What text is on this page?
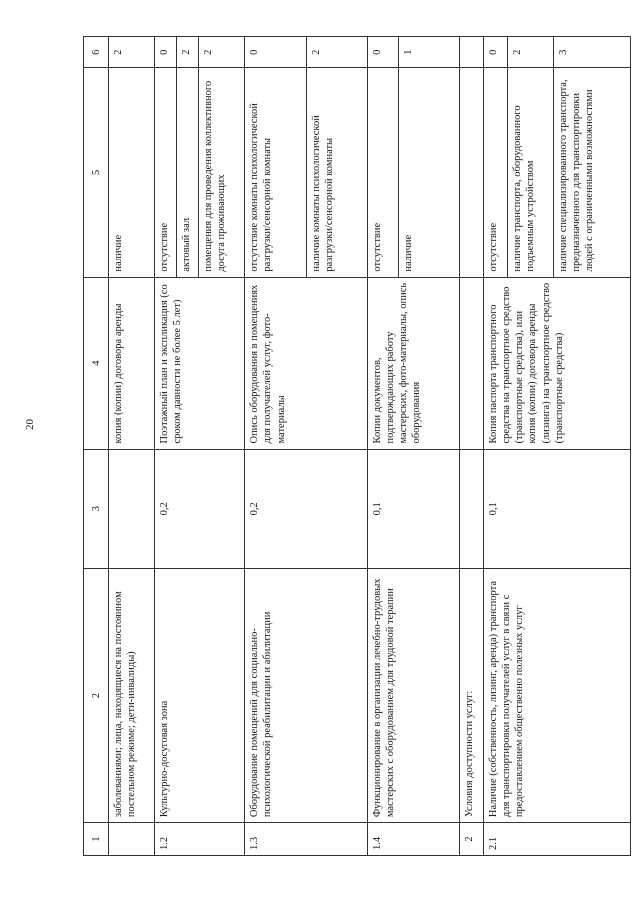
20
1	2	3	4	5	6
	заболеваниями; лица, находящиеся на постоянном постельном режиме; дети-инвалиды)		копия (копии) договора аренды	наличие	2
1.2	Культурно-досуговая зона	0,2	Поэтажный план и экспликация (со сроком давности не более 5 лет)	отсутствие	0
				актовый зал	2
				помещения для проведения коллективного досуга проживающих	2
1.3	Оборудование помещений для социально-психологической реабилитации и абилитации	0,2	Опись оборудования в помещениях для получателей услуг, фото-материалы	отсутствие комнаты психологической разгрузки/сенсорной комнаты	0
				наличие комнаты психологической разгрузки/сенсорной комнаты	2
1.4	Функционирование в организации лечебно-трудовых мастерских с оборудованием для трудовой терапии	0,1	Копии документов, подтверждающих работу мастерских, фото-материалы, опись оборудования	отсутствие	0
				наличие	1
2	Условия доступности услуг:				
2.1	Наличие (собственность, лизинг, аренда) транспорта для транспортировки получателей услуг в связи с предоставлением общественно полезных услуг	0,1	Копия паспорта транспортного средства на транспортное средство (транспортные средства), или копия (копии) договора аренды (лизинга) на транспортное средство (транспортные средства)	отсутствие	0
				наличие транспорта, оборудованного подъемным устройством	2
				наличие специализированного транспорта, предназначенного для транспортировки людей с ограниченными возможностями	3
